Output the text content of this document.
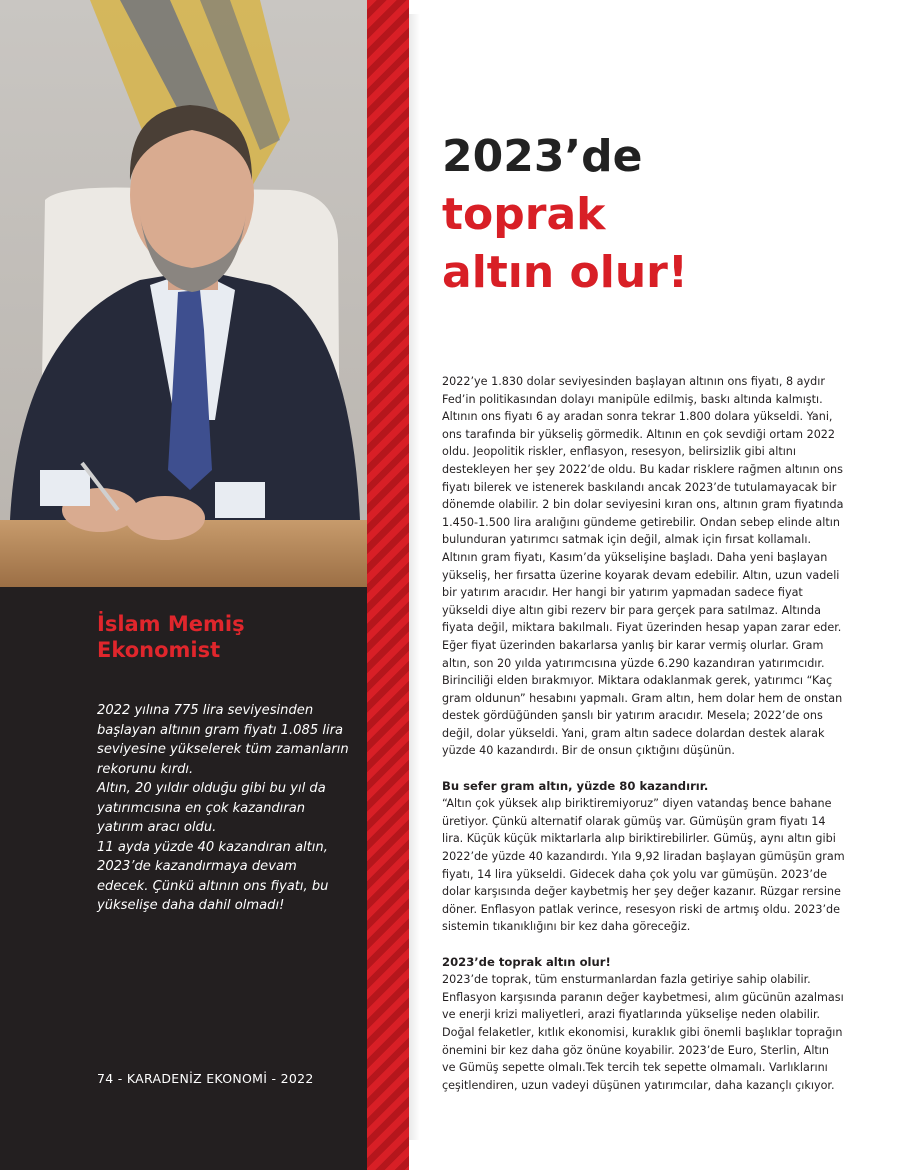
İslam Memiş
Ekonomist

2022 yılına 775 lira seviyesinden başlayan altının gram fiyatı 1.085 lira seviyesine yükselerek tüm zamanların rekorunu kırdı.

Altın, 20 yıldır olduğu gibi bu yıl da yatırımcısına en çok kazandıran yatırım aracı oldu.

11 ayda yüzde 40 kazandıran altın, 2023’de kazandırmaya devam edecek. Çünkü altının ons fiyatı, bu yükselişe daha dahil olmadı!

74 - KARADENİZ EKONOMİ - 2022
2023’de
toprak
altın olur!

2022’ye 1.830 dolar seviyesinden başlayan altının ons fiyatı, 8 aydır Fed’in politikasından dolayı manipüle edilmiş, baskı altında kalmıştı. Altının ons fiyatı 6 ay aradan sonra tekrar 1.800 dolara yükseldi. Yani, ons tarafında bir yükseliş görmedik. Altının en çok sevdiği ortam 2022 oldu. Jeopolitik riskler, enflasyon, resesyon, belirsizlik gibi altını destekleyen her şey 2022’de oldu. Bu kadar risklere rağmen altının ons fiyatı bilerek ve istenerek baskılandı ancak 2023’de tutulamayacak bir dönemde olabilir. 2 bin dolar seviyesini kıran ons, altının gram fiyatında 1.450-1.500 lira aralığını gündeme getirebilir. Ondan sebep elinde altın bulunduran yatırımcı satmak için değil, almak için fırsat kollamalı. Altının gram fiyatı, Kasım’da yükselişine başladı. Daha yeni başlayan yükseliş, her fırsatta üzerine koyarak devam edebilir. Altın, uzun vadeli bir yatırım aracıdır. Her hangi bir yatırım yapmadan sadece fiyat yükseldi diye altın gibi rezerv bir para gerçek para satılmaz. Altında fiyata değil, miktara bakılmalı. Fiyat üzerinden hesap yapan zarar eder. Eğer fiyat üzerinden bakarlarsa yanlış bir karar vermiş olurlar. Gram altın, son 20 yılda yatırımcısına yüzde 6.290 kazandıran yatırımcıdır. Birinciliği elden bırakmıyor. Miktara odaklanmak gerek, yatırımcı “Kaç gram oldunun” hesabını yapmalı. Gram altın, hem dolar hem de onstan destek gördüğünden şanslı bir yatırım aracıdır. Mesela; 2022’de ons değil, dolar yükseldi. Yani, gram altın sadece dolardan destek alarak yüzde 40 kazandırdı. Bir de onsun çıktığını düşünün.

Bu sefer gram altın, yüzde 80 kazandırır.

“Altın çok yüksek alıp biriktiremiyoruz” diyen vatandaş bence bahane üretiyor. Çünkü alternatif olarak gümüş var. Gümüşün gram fiyatı 14 lira. Küçük küçük miktarlarla alıp biriktirebilirler. Gümüş, aynı altın gibi 2022’de yüzde 40 kazandırdı. Yıla 9,92 liradan başlayan gümüşün gram fiyatı, 14 lira yükseldi. Gidecek daha çok yolu var gümüşün. 2023’de dolar karşısında değer kaybetmiş her şey değer kazanır. Rüzgar rersine döner. Enflasyon patlak verince, resesyon riski de artmış oldu. 2023’de sistemin tıkanıklığını bir kez daha göreceğiz.

2023’de toprak altın olur!

2023’de toprak, tüm ensturmanlardan fazla getiriye sahip olabilir. Enflasyon karşısında paranın değer kaybetmesi, alım gücünün azalması ve enerji krizi maliyetleri, arazi fiyatlarında yükselişe neden olabilir. Doğal felaketler, kıtlık ekonomisi, kuraklık gibi önemli başlıklar toprağın önemini bir kez daha göz önüne koyabilir. 2023’de Euro, Sterlin, Altın ve Gümüş sepette olmalı.Tek tercih tek sepette olmamalı. Varlıklarını çeşitlendiren, uzun vadeyi düşünen yatırımcılar, daha kazançlı çıkıyor.
